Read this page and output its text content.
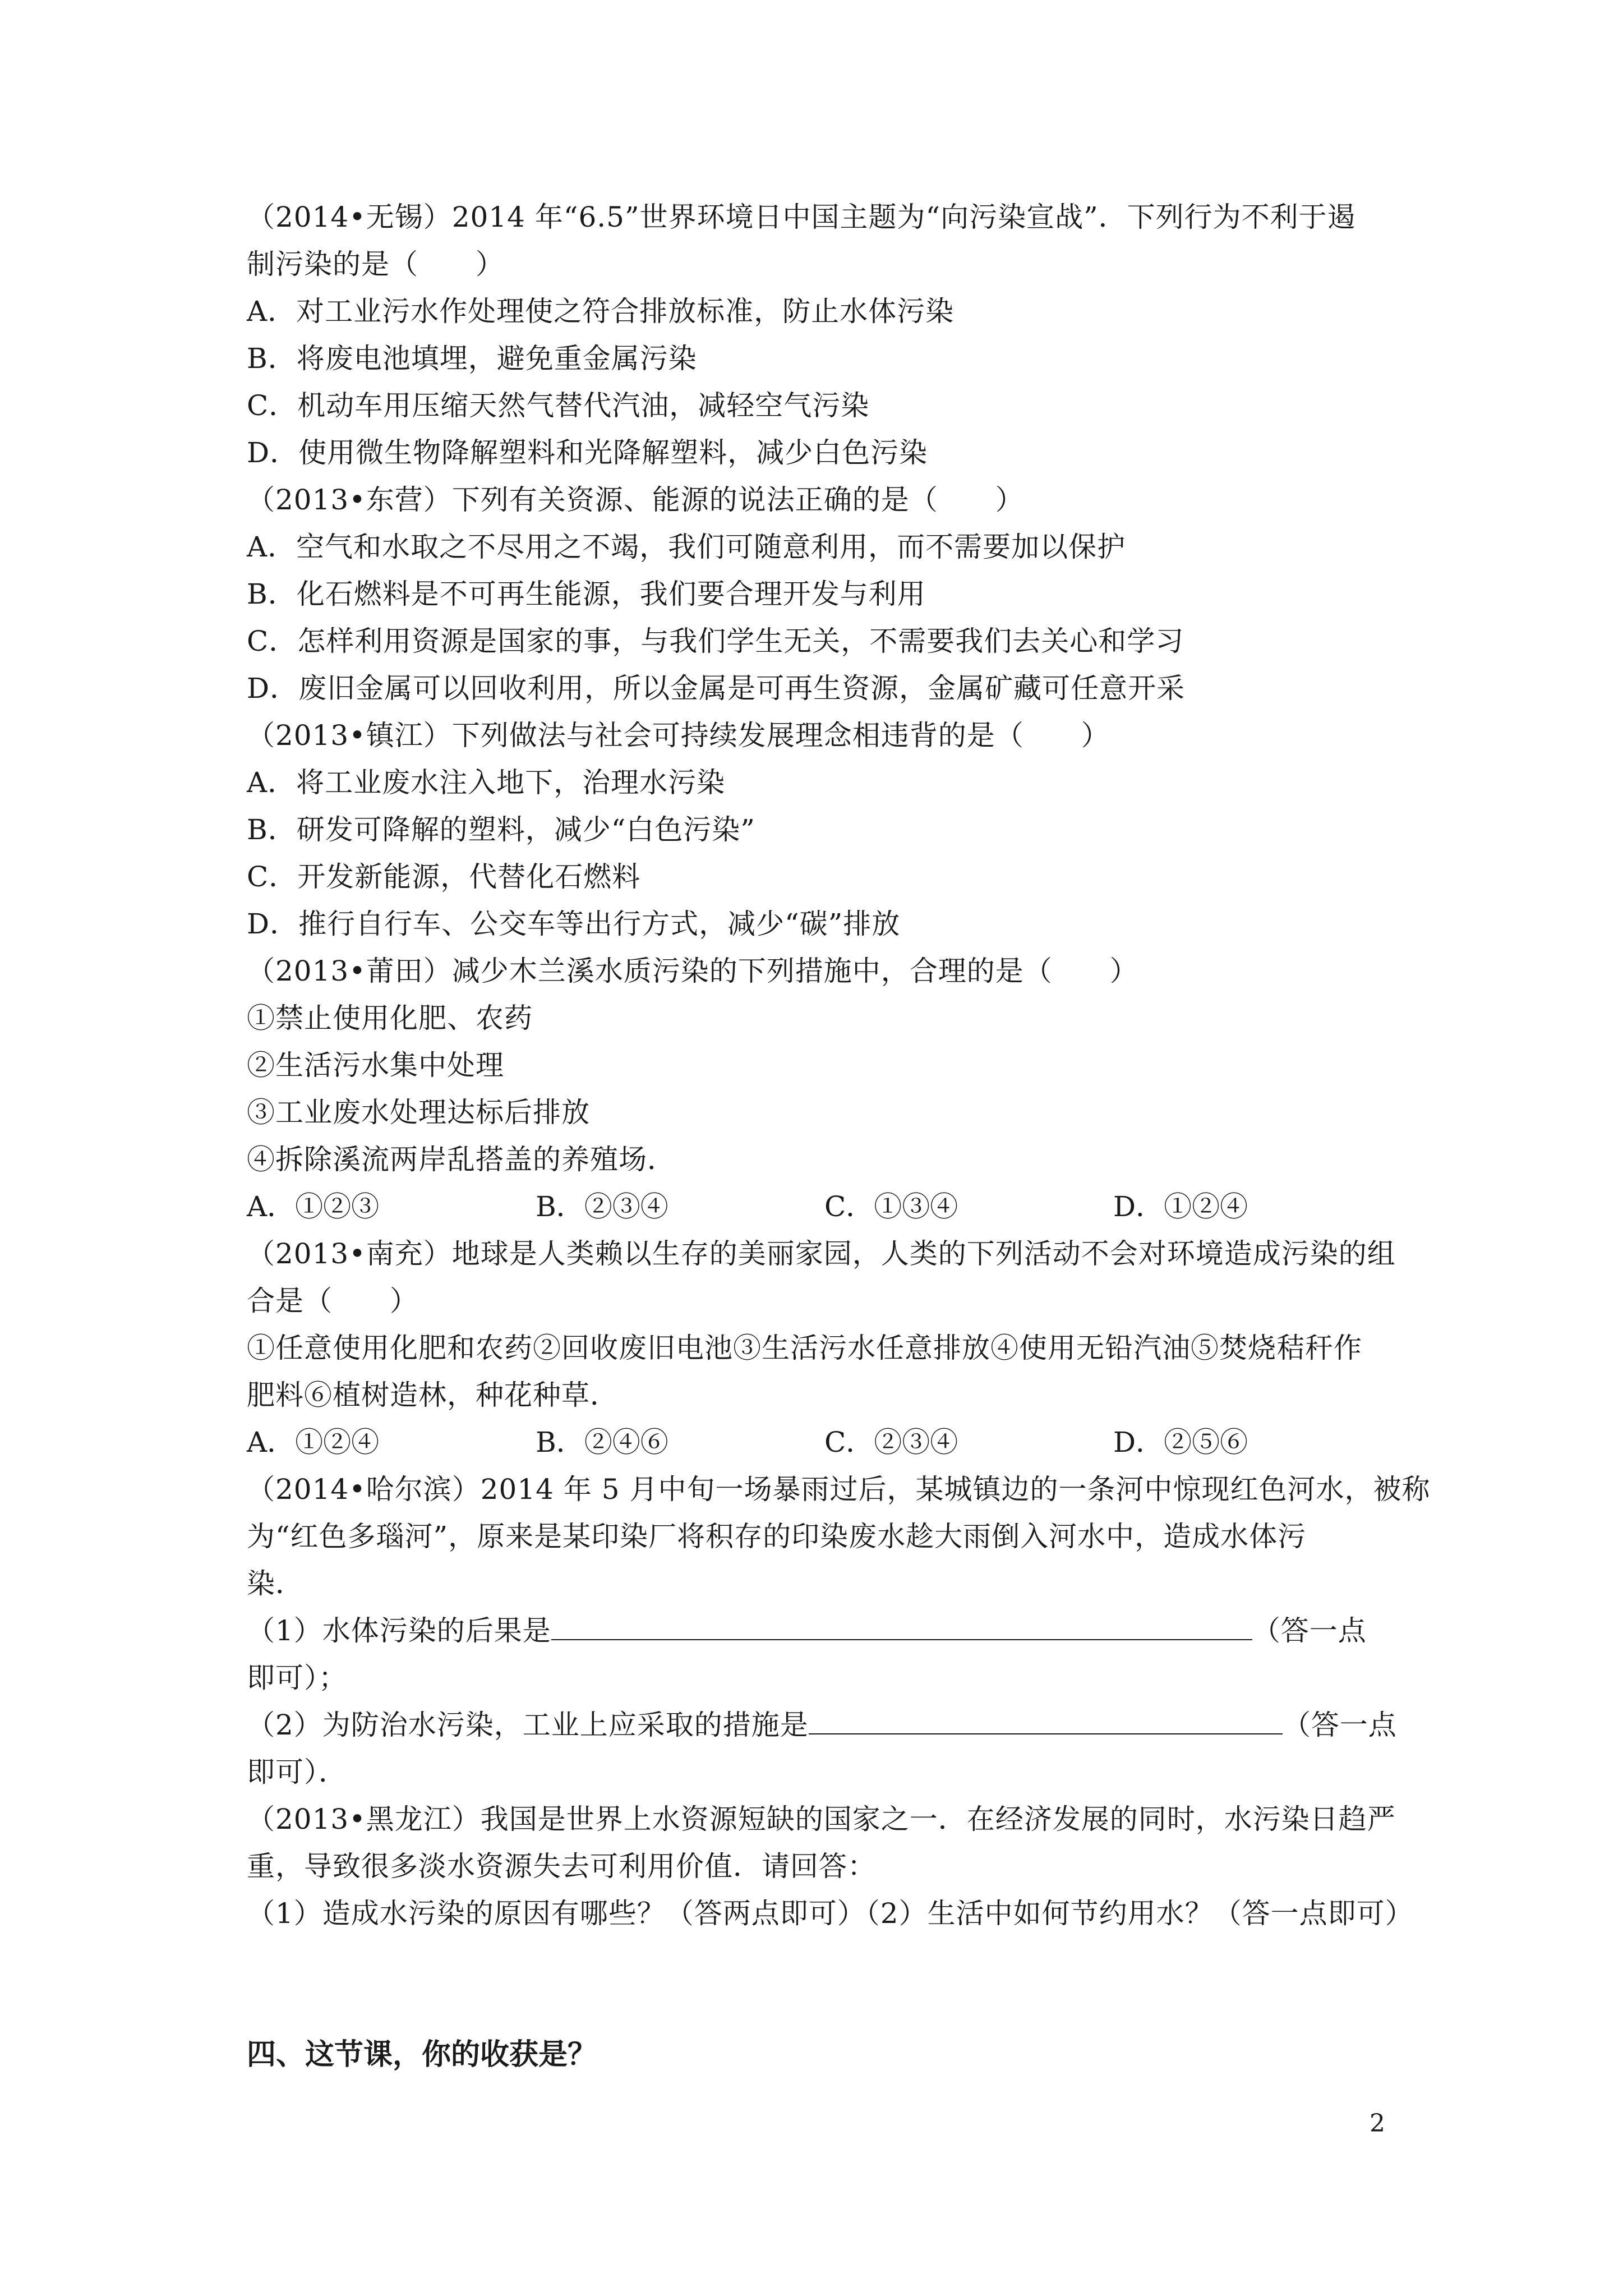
（2014•无锡）2014 年“6.5”世界环境日中国主题为“向污染宣战”．下列行为不利于遏
制污染的是（　　）
A．对工业污水作处理使之符合排放标准，防止水体污染
B．将废电池填埋，避免重金属污染
C．机动车用压缩天然气替代汽油，减轻空气污染
D．使用微生物降解塑料和光降解塑料，减少白色污染
（2013•东营）下列有关资源、能源的说法正确的是（　　）
A．空气和水取之不尽用之不竭，我们可随意利用，而不需要加以保护
B．化石燃料是不可再生能源，我们要合理开发与利用
C．怎样利用资源是国家的事，与我们学生无关，不需要我们去关心和学习
D．废旧金属可以回收利用，所以金属是可再生资源，金属矿藏可任意开采
（2013•镇江）下列做法与社会可持续发展理念相违背的是（　　）
A．将工业废水注入地下，治理水污染
B．研发可降解的塑料，减少“白色污染”
C．开发新能源，代替化石燃料
D．推行自行车、公交车等出行方式，减少“碳”排放
（2013•莆田）减少木兰溪水质污染的下列措施中，合理的是（　　）
①禁止使用化肥、农药
②生活污水集中处理
③工业废水处理达标后排放
④拆除溪流两岸乱搭盖的养殖场．
A．①②③	B．②③④	C．①③④	D．①②④
（2013•南充）地球是人类赖以生存的美丽家园，人类的下列活动不会对环境造成污染的组
合是（　　）
①任意使用化肥和农药②回收废旧电池③生活污水任意排放④使用无铅汽油⑤焚烧秸秆作
肥料⑥植树造林，种花种草．
A．①②④	B．②④⑥	C．②③④	D．②⑤⑥
（2014•哈尔滨）2014 年 5 月中旬一场暴雨过后，某城镇边的一条河中惊现红色河水，被称
为“红色多瑙河”，原来是某印染厂将积存的印染废水趁大雨倒入河水中，造成水体污
染．
（1）水体污染的后果是	（答一点
即可）；
（2）为防治水污染，工业上应采取的措施是	（答一点
即可）．
（2013•黑龙江）我国是世界上水资源短缺的国家之一．在经济发展的同时，水污染日趋严
重，导致很多淡水资源失去可利用价值．请回答：
（1）造成水污染的原因有哪些？（答两点即可）（2）生活中如何节约用水？（答一点即可）
四、这节课，你的收获是？
2
